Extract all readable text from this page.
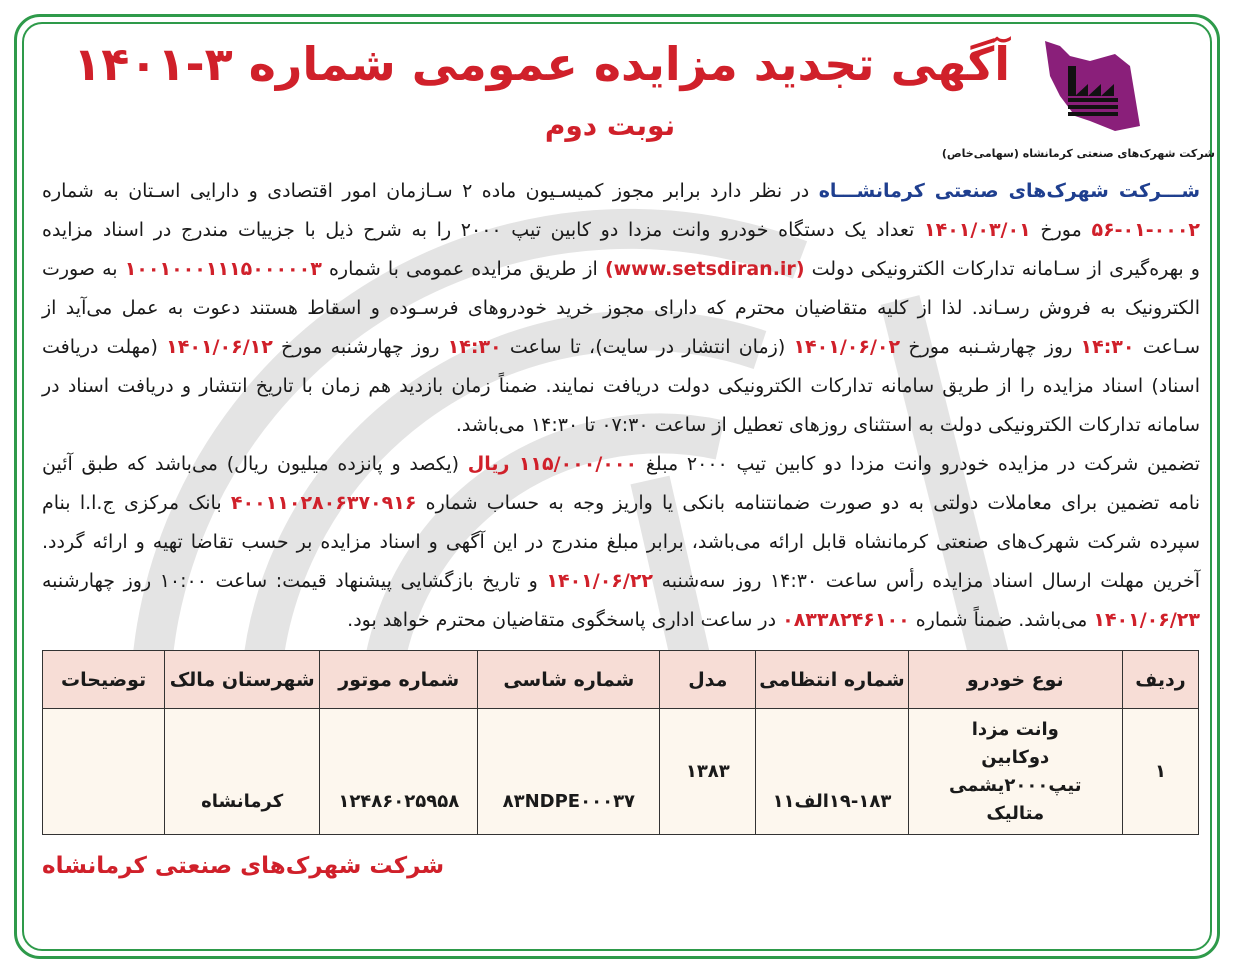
آگهی تجدید مزایده عمومی شماره ۳-۱۴۰۱
نوبت دوم
شرکت شهرک‌های صنعتی کرمانشاه (سهامی‌خاص)
شـــرکت شهرک‌های صنعتی کرمانشـــاه در نظر دارد برابر مجوز کمیسـیون ماده ۲ سـازمان امور اقتصادی و دارایی اسـتان به شماره
۵۶-۰۱-۰۰۰۲ مورخ ۱۴۰۱/۰۳/۰۱ تعداد یک دستگاه خودرو وانت مزدا دو کابین تیپ ۲۰۰۰ را به شرح ذیل با جزییات مندرج در اسناد مزایده
و بهره‌گیری از سـامانه تدارکات الکترونیکی دولت (www.setsdiran.ir) از طریق مزایده عمومی با شماره ۱۰۰۱۰۰۰۱۱۱۵۰۰۰۰۰۳ به صورت
الکترونیک به فروش رسـاند. لذا از کلیه متقاضیان محترم که دارای مجوز خرید خودروهای فرسـوده و اسقاط هستند دعوت به عمل می‌آید از
سـاعت ۱۴:۳۰ روز چهارشـنبه مورخ ۱۴۰۱/۰۶/۰۲ (زمان انتشار در سایت)، تا ساعت ۱۴:۳۰ روز چهارشنبه مورخ ۱۴۰۱/۰۶/۱۲ (مهلت دریافت
اسناد) اسناد مزایده را از طریق سامانه تدارکات الکترونیکی دولت دریافت نمایند. ضمناً زمان بازدید هم زمان با تاریخ انتشار و دریافت اسناد در
سامانه تدارکات الکترونیکی دولت به استثنای روزهای تعطیل از ساعت ۰۷:۳۰ تا ۱۴:۳۰ می‌باشد.
تضمین شرکت در مزایده خودرو وانت مزدا دو کابین تیپ ۲۰۰۰ مبلغ ۱۱۵/۰۰۰/۰۰۰ ریال (یکصد و پانزده میلیون ریال) می‌باشد که طبق آئین
نامه تضمین برای معاملات دولتی به دو صورت ضمانتنامه بانکی یا واریز وجه به حساب شماره ۴۰۰۱۱۰۲۸۰۶۳۷۰۹۱۶ بانک مرکزی ج.ا.ا بنام
سپرده شرکت شهرک‌های صنعتی کرمانشاه قابل ارائه می‌باشد، برابر مبلغ مندرج در این آگهی و اسناد مزایده بر حسب تقاضا تهیه و ارائه گردد.
آخرین مهلت ارسال اسناد مزایده رأس ساعت ۱۴:۳۰ روز سه‌شنبه ۱۴۰۱/۰۶/۲۲ و تاریخ بازگشایی پیشنهاد قیمت: ساعت ۱۰:۰۰ روز چهارشنبه
۱۴۰۱/۰۶/۲۳ می‌باشد. ضمناً شماره ۰۸۳۳۸۲۴۶۱۰۰ در ساعت اداری پاسخگوی متقاضیان محترم خواهد بود.
ردیف	نوع خودرو	شماره انتظامی	مدل	شماره شاسی	شماره موتور	شهرستان مالک	توضیحات
۱	وانت مزدا دوکابین تیپ۲۰۰۰یشمی متالیک	۱۹-۱۸۳الف۱۱	۱۳۸۳	۸۳NDPE۰۰۰۳۷	۱۲۴۸۶۰۲۵۹۵۸	کرمانشاه	
شرکت شهرک‌های صنعتی کرمانشاه
